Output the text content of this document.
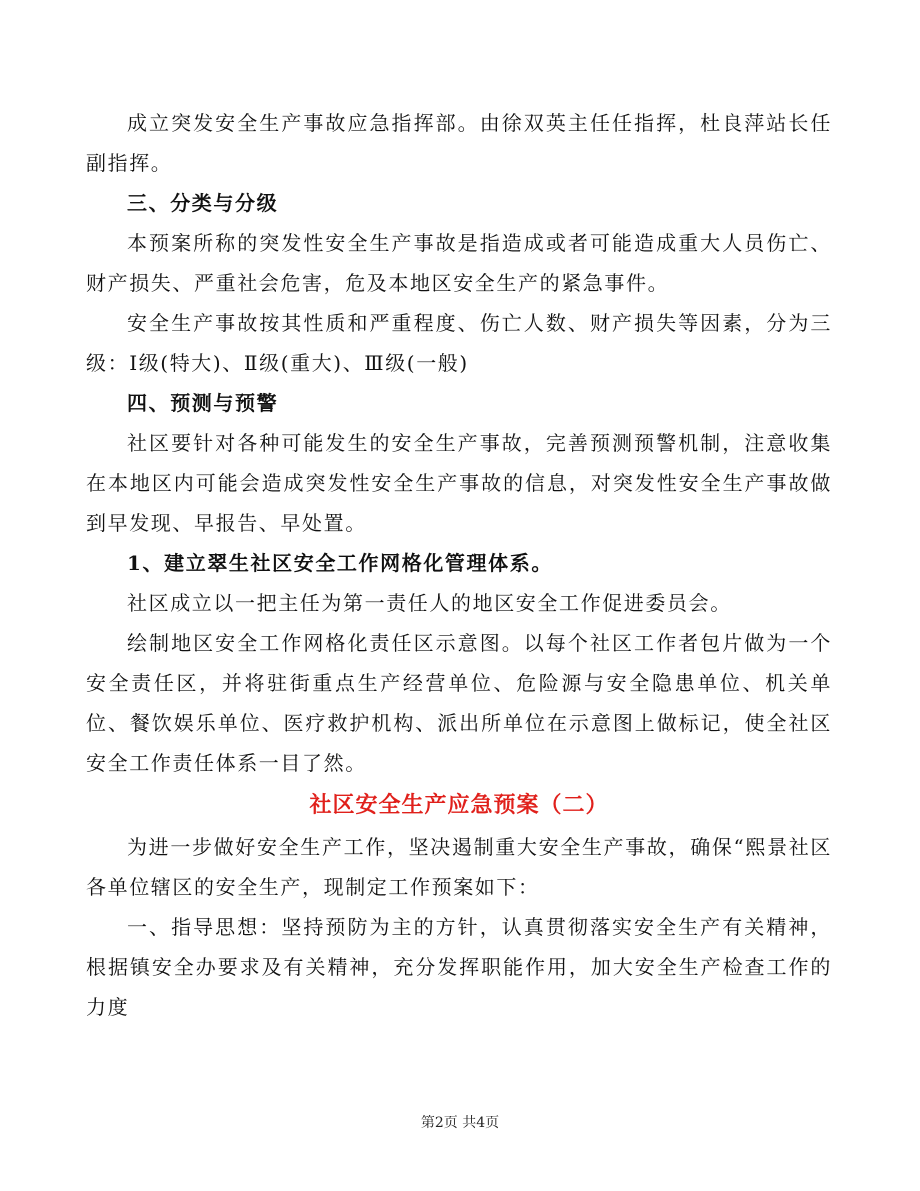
成立突发安全生产事故应急指挥部。由徐双英主任任指挥，杜良萍站长任副指挥。

三、分类与分级

本预案所称的突发性安全生产事故是指造成或者可能造成重大人员伤亡、财产损失、严重社会危害，危及本地区安全生产的紧急事件。

安全生产事故按其性质和严重程度、伤亡人数、财产损失等因素，分为三级：Ⅰ级(特大)、Ⅱ级(重大)、Ⅲ级(一般)

四、预测与预警

社区要针对各种可能发生的安全生产事故，完善预测预警机制，注意收集在本地区内可能会造成突发性安全生产事故的信息，对突发性安全生产事故做到早发现、早报告、早处置。

1、建立翠生社区安全工作网格化管理体系。

社区成立以一把主任为第一责任人的地区安全工作促进委员会。

绘制地区安全工作网格化责任区示意图。以每个社区工作者包片做为一个安全责任区，并将驻街重点生产经营单位、危险源与安全隐患单位、机关单位、餐饮娱乐单位、医疗救护机构、派出所单位在示意图上做标记，使全社区安全工作责任体系一目了然。

社区安全生产应急预案（二）

为进一步做好安全生产工作，坚决遏制重大安全生产事故，确保“熙景社区各单位辖区的安全生产，现制定工作预案如下：

一、指导思想：坚持预防为主的方针，认真贯彻落实安全生产有关精神，根据镇安全办要求及有关精神，充分发挥职能作用，加大安全生产检查工作的力度

第2页 共4页
